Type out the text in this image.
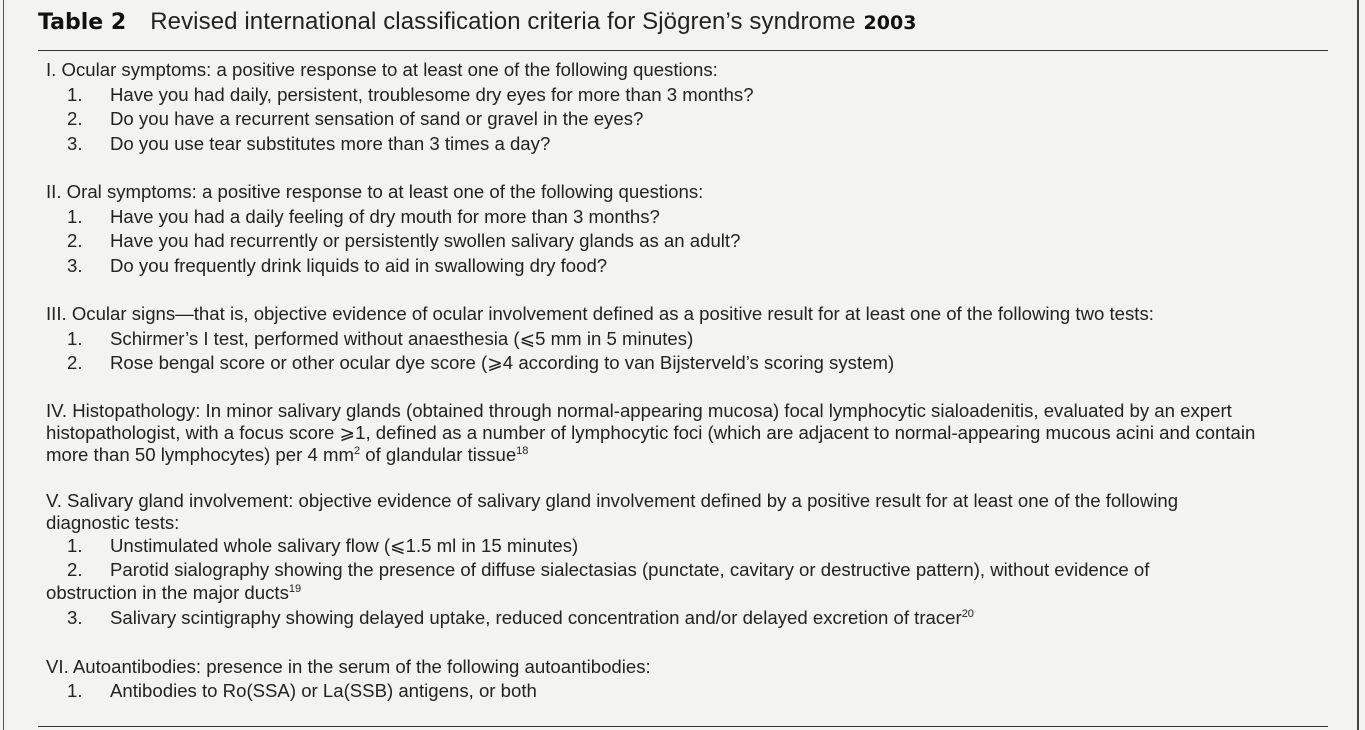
Table 2 Revised international classification criteria for Sjögren’s syndrome 2003
I. Ocular symptoms: a positive response to at least one of the following questions:
1.	Have you had daily, persistent, troublesome dry eyes for more than 3 months?
2.	Do you have a recurrent sensation of sand or gravel in the eyes?
3.	Do you use tear substitutes more than 3 times a day?
II. Oral symptoms: a positive response to at least one of the following questions:
1.	Have you had a daily feeling of dry mouth for more than 3 months?
2.	Have you had recurrently or persistently swollen salivary glands as an adult?
3.	Do you frequently drink liquids to aid in swallowing dry food?
III. Ocular signs—that is, objective evidence of ocular involvement defined as a positive result for at least one of the following two tests:
1.	Schirmer’s I test, performed without anaesthesia (⩽5 mm in 5 minutes)
2.	Rose bengal score or other ocular dye score (⩾4 according to van Bijsterveld’s scoring system)
IV. Histopathology: In minor salivary glands (obtained through normal-appearing mucosa) focal lymphocytic sialoadenitis, evaluated by an expert
histopathologist, with a focus score ⩾1, defined as a number of lymphocytic foci (which are adjacent to normal-appearing mucous acini and contain
more than 50 lymphocytes) per 4 $mm^2$ of glandular tissue$^{18}$
V. Salivary gland involvement: objective evidence of salivary gland involvement defined by a positive result for at least one of the following
diagnostic tests:
1.	Unstimulated whole salivary flow (⩽1.5 ml in 15 minutes)
2.	Parotid sialography showing the presence of diffuse sialectasias (punctate, cavitary or destructive pattern), without evidence of
obstruction in the major ducts$^{19}$
3.	Salivary scintigraphy showing delayed uptake, reduced concentration and/or delayed excretion of tracer$^{20}$
VI. Autoantibodies: presence in the serum of the following autoantibodies:
1.	Antibodies to Ro(SSA) or La(SSB) antigens, or both
